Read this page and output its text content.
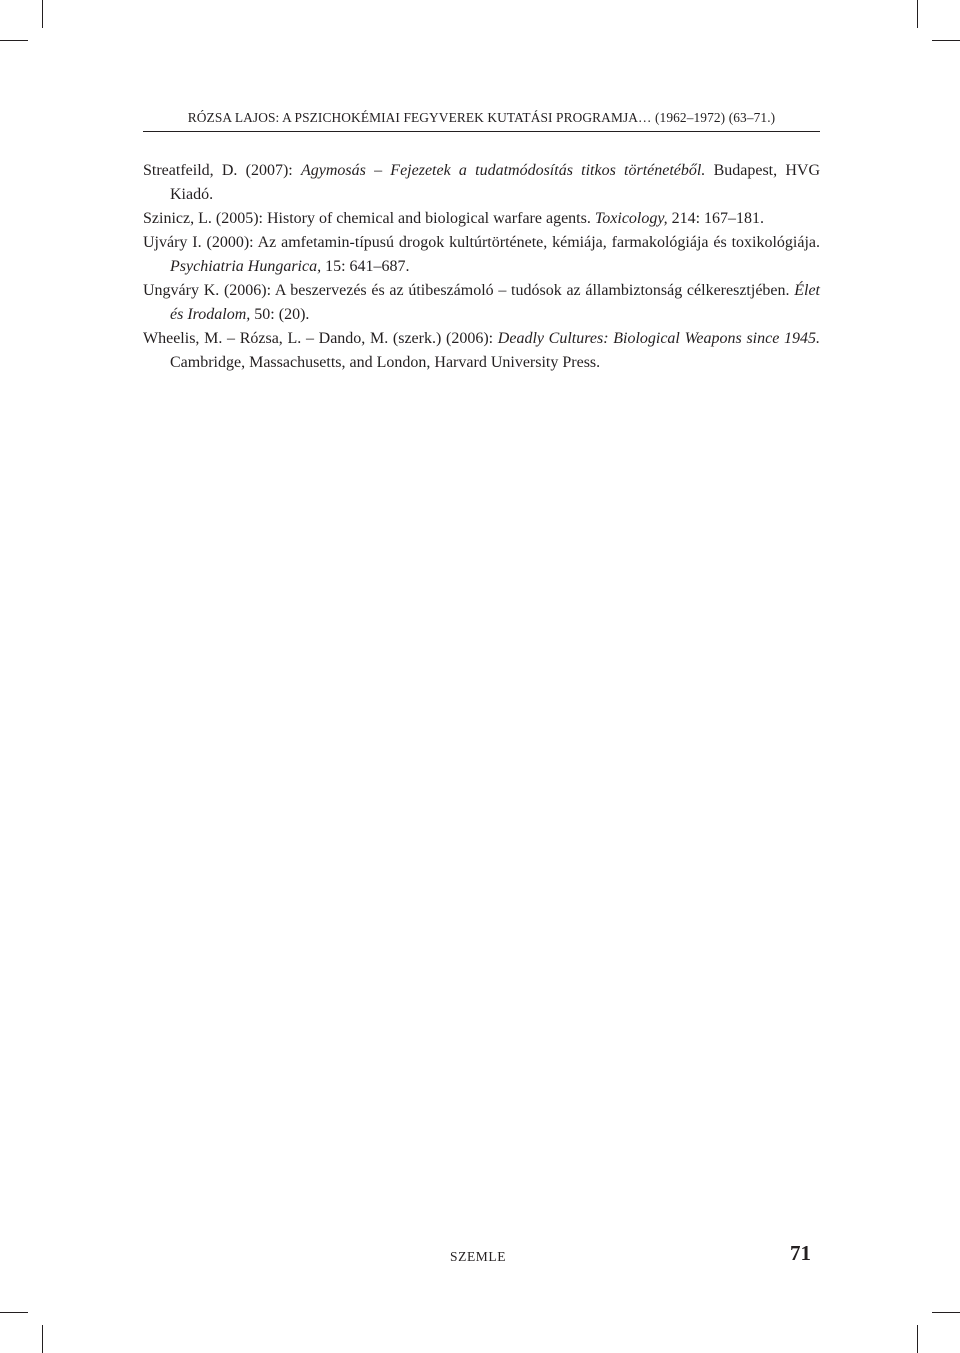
RÓZSA LAJOS: A PSZICHOKÉMIAI FEGYVEREK KUTATÁSI PROGRAMJA… (1962–1972) (63–71.)

Streatfeild, D. (2007): Agymosás – Fejezetek a tudatmódosítás titkos történetéből. Budapest, HVG Kiadó.

Szinicz, L. (2005): History of chemical and biological warfare agents. Toxicology, 214: 167–181.

Ujváry I. (2000): Az amfetamin-típusú drogok kultúrtörténete, kémiája, farmakológiája és toxikológiája. Psychiatria Hungarica, 15: 641–687.

Ungváry K. (2006): A beszervezés és az útibeszámoló – tudósok az állambiztonság célkeresztjében. Élet és Irodalom, 50: (20).

Wheelis, M. – Rózsa, L. – Dando, M. (szerk.) (2006): Deadly Cultures: Biological Weapons since 1945. Cambridge, Massachusetts, and London, Harvard University Press.

SZEMLE	71
